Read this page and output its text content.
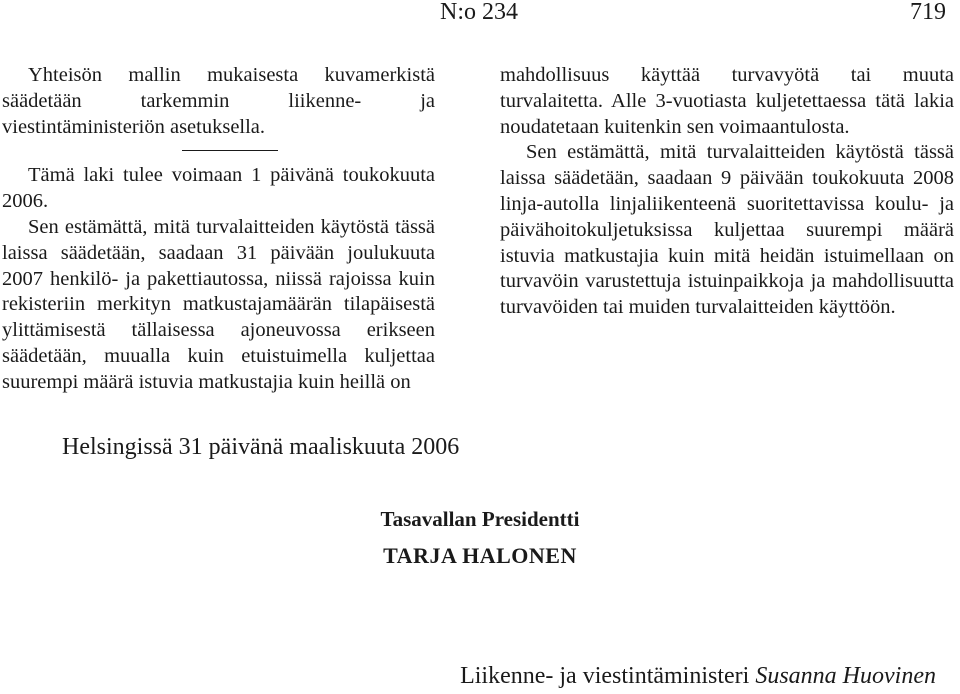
N:o 234	719

Yhteisön mallin mukaisesta kuvamerkistä säädetään tarkemmin liikenne- ja viestintäministeriön asetuksella.

Tämä laki tulee voimaan 1 päivänä toukokuuta 2006.

Sen estämättä, mitä turvalaitteiden käytöstä tässä laissa säädetään, saadaan 31 päivään joulukuuta 2007 henkilö- ja pakettiautossa, niissä rajoissa kuin rekisteriin merkityn matkustajamäärän tilapäisestä ylittämisestä tällaisessa ajoneuvossa erikseen säädetään, muualla kuin etuistuimella kuljettaa suurempi määrä istuvia matkustajia kuin heillä on

mahdollisuus käyttää turvavyötä tai muuta turvalaitetta. Alle 3-vuotiasta kuljetettaessa tätä lakia noudatetaan kuitenkin sen voimaantulosta.

Sen estämättä, mitä turvalaitteiden käytöstä tässä laissa säädetään, saadaan 9 päivään toukokuuta 2008 linja-autolla linjaliikenteenä suoritettavissa koulu- ja päivähoitokuljetuksissa kuljettaa suurempi määrä istuvia matkustajia kuin mitä heidän istuimellaan on turvavöin varustettuja istuinpaikkoja ja mahdollisuutta turvavöiden tai muiden turvalaitteiden käyttöön.

Helsingissä 31 päivänä maaliskuuta 2006
Tasavallan Presidentti
TARJA HALONEN
Liikenne- ja viestintäministeri Susanna Huovinen
